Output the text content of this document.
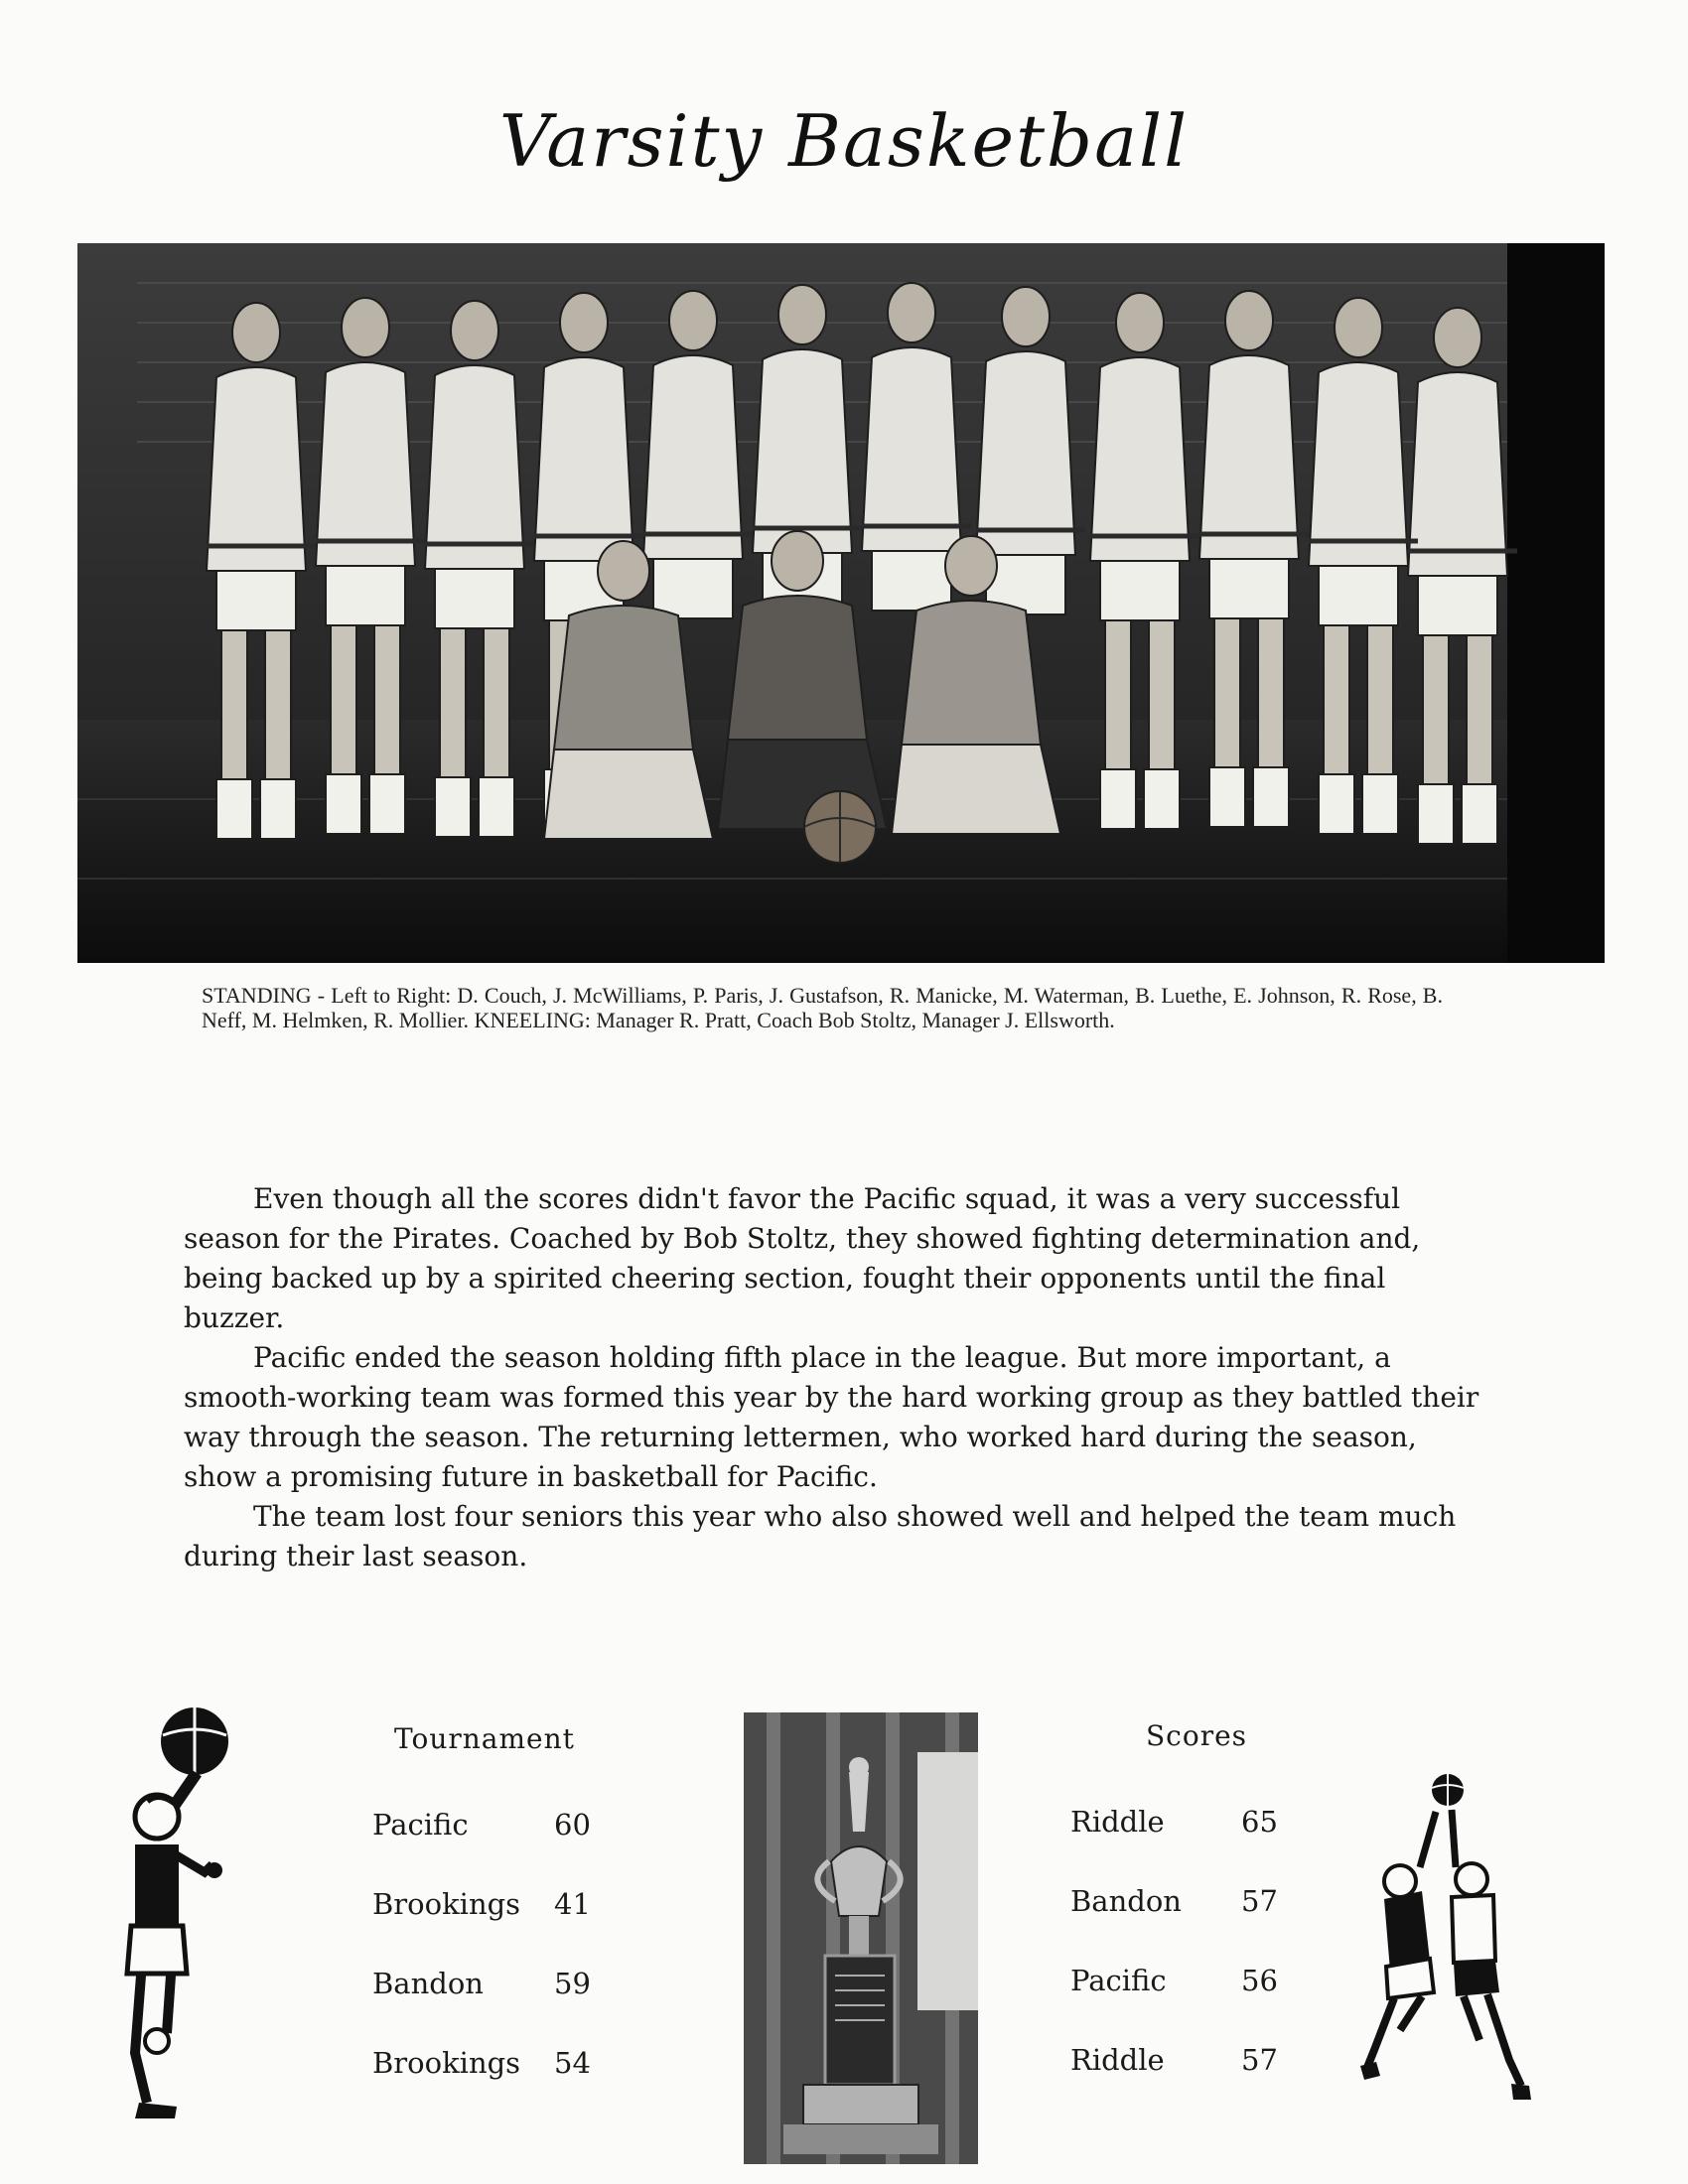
Varsity Basketball
STANDING - Left to Right: D. Couch, J. McWilliams, P. Paris, J. Gustafson, R. Manicke, M. Waterman, B. Luethe, E. Johnson, R. Rose, B. Neff, M. Helmken, R. Mollier. KNEELING: Manager R. Pratt, Coach Bob Stoltz, Manager J. Ellsworth.

Even though all the scores didn't favor the Pacific squad, it was a very successful season for the Pirates. Coached by Bob Stoltz, they showed fighting determination and, being backed up by a spirited cheering section, fought their opponents until the final buzzer.

Pacific ended the season holding fifth place in the league. But more important, a smooth-working team was formed this year by the hard working group as they battled their way through the season. The returning lettermen, who worked hard during the season, show a promising future in basketball for Pacific.

The team lost four seniors this year who also showed well and helped the team much during their last season.

Tournament
Pacific	60
Brookings 41
Bandon 59
Brookings 54
Scores
Riddle	65
Bandon 57
Pacific	56
Riddle	57
